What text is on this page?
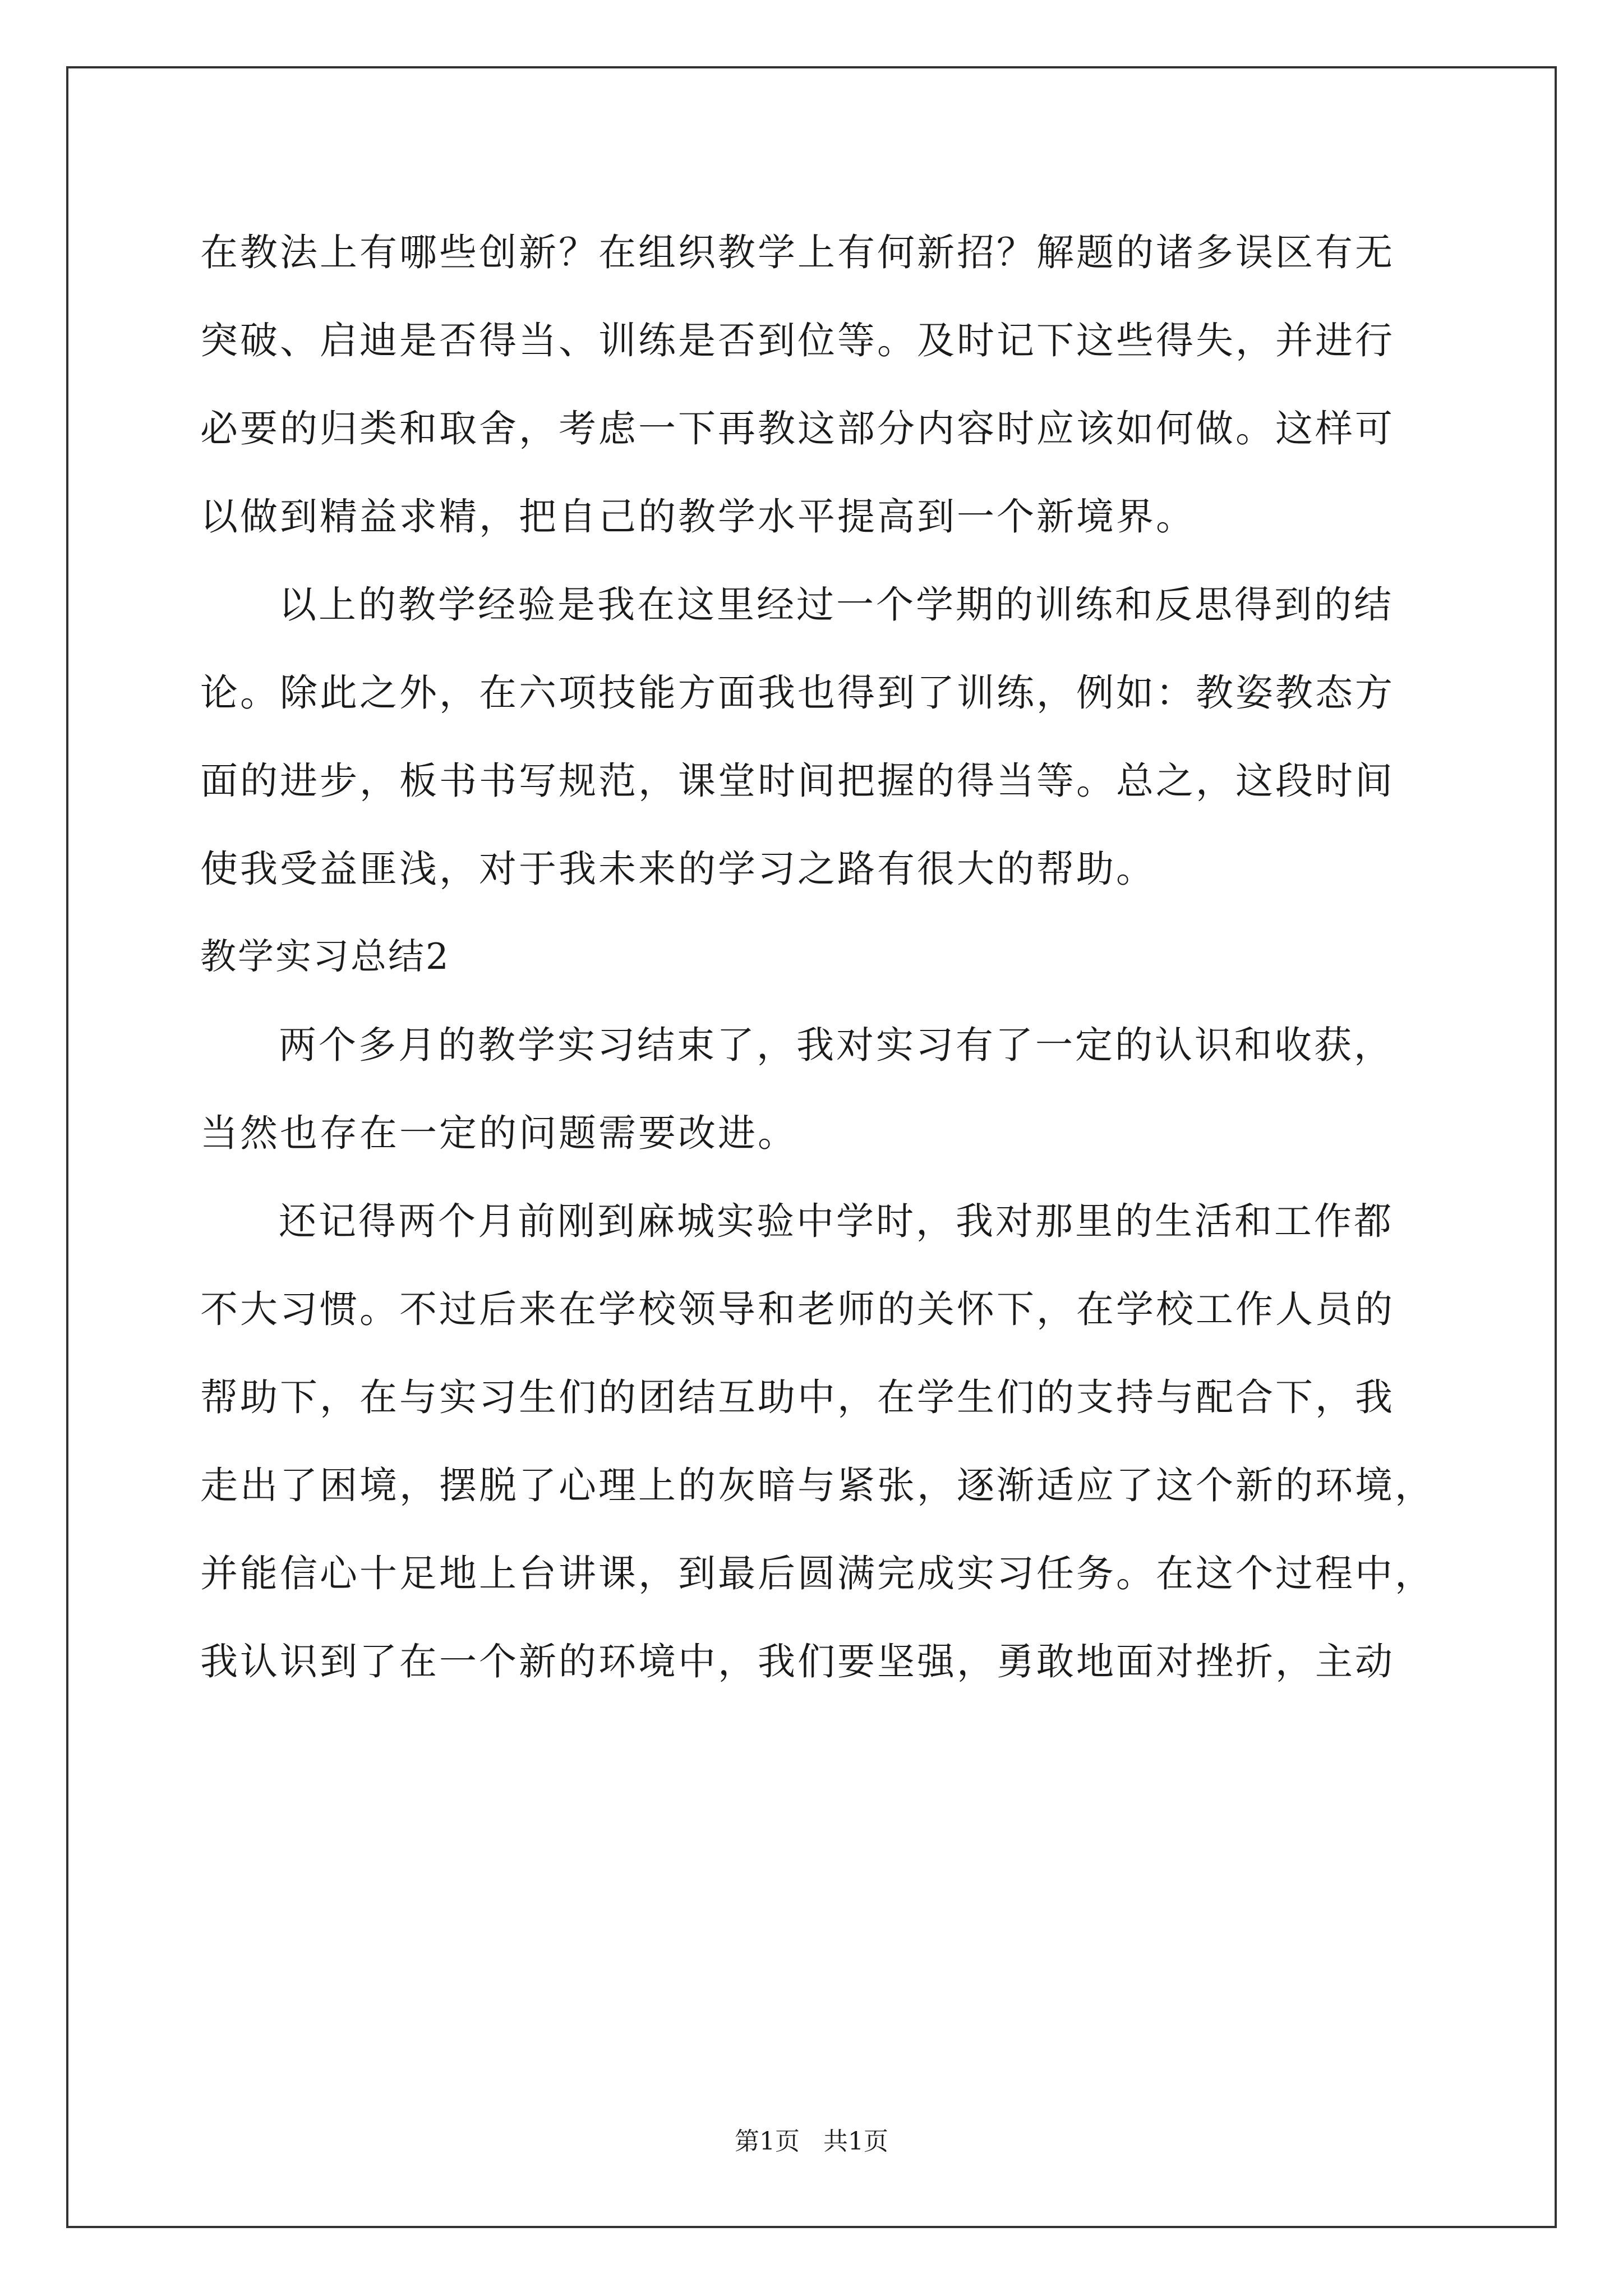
在教法上有哪些创新？在组织教学上有何新招？解题的诸多误区有无
突破、启迪是否得当、训练是否到位等。及时记下这些得失，并进行
必要的归类和取舍，考虑一下再教这部分内容时应该如何做。这样可
以做到精益求精，把自己的教学水平提高到一个新境界。
以上的教学经验是我在这里经过一个学期的训练和反思得到的结
论。除此之外，在六项技能方面我也得到了训练，例如：教姿教态方
面的进步，板书书写规范，课堂时间把握的得当等。总之，这段时间
使我受益匪浅，对于我未来的学习之路有很大的帮助。
教学实习总结2
两个多月的教学实习结束了，我对实习有了一定的认识和收获，
当然也存在一定的问题需要改进。
还记得两个月前刚到麻城实验中学时，我对那里的生活和工作都
不大习惯。不过后来在学校领导和老师的关怀下，在学校工作人员的
帮助下，在与实习生们的团结互助中，在学生们的支持与配合下，我
走出了困境，摆脱了心理上的灰暗与紧张，逐渐适应了这个新的环境，
并能信心十足地上台讲课，到最后圆满完成实习任务。在这个过程中，
我认识到了在一个新的环境中，我们要坚强，勇敢地面对挫折，主动
第1页   共1页
